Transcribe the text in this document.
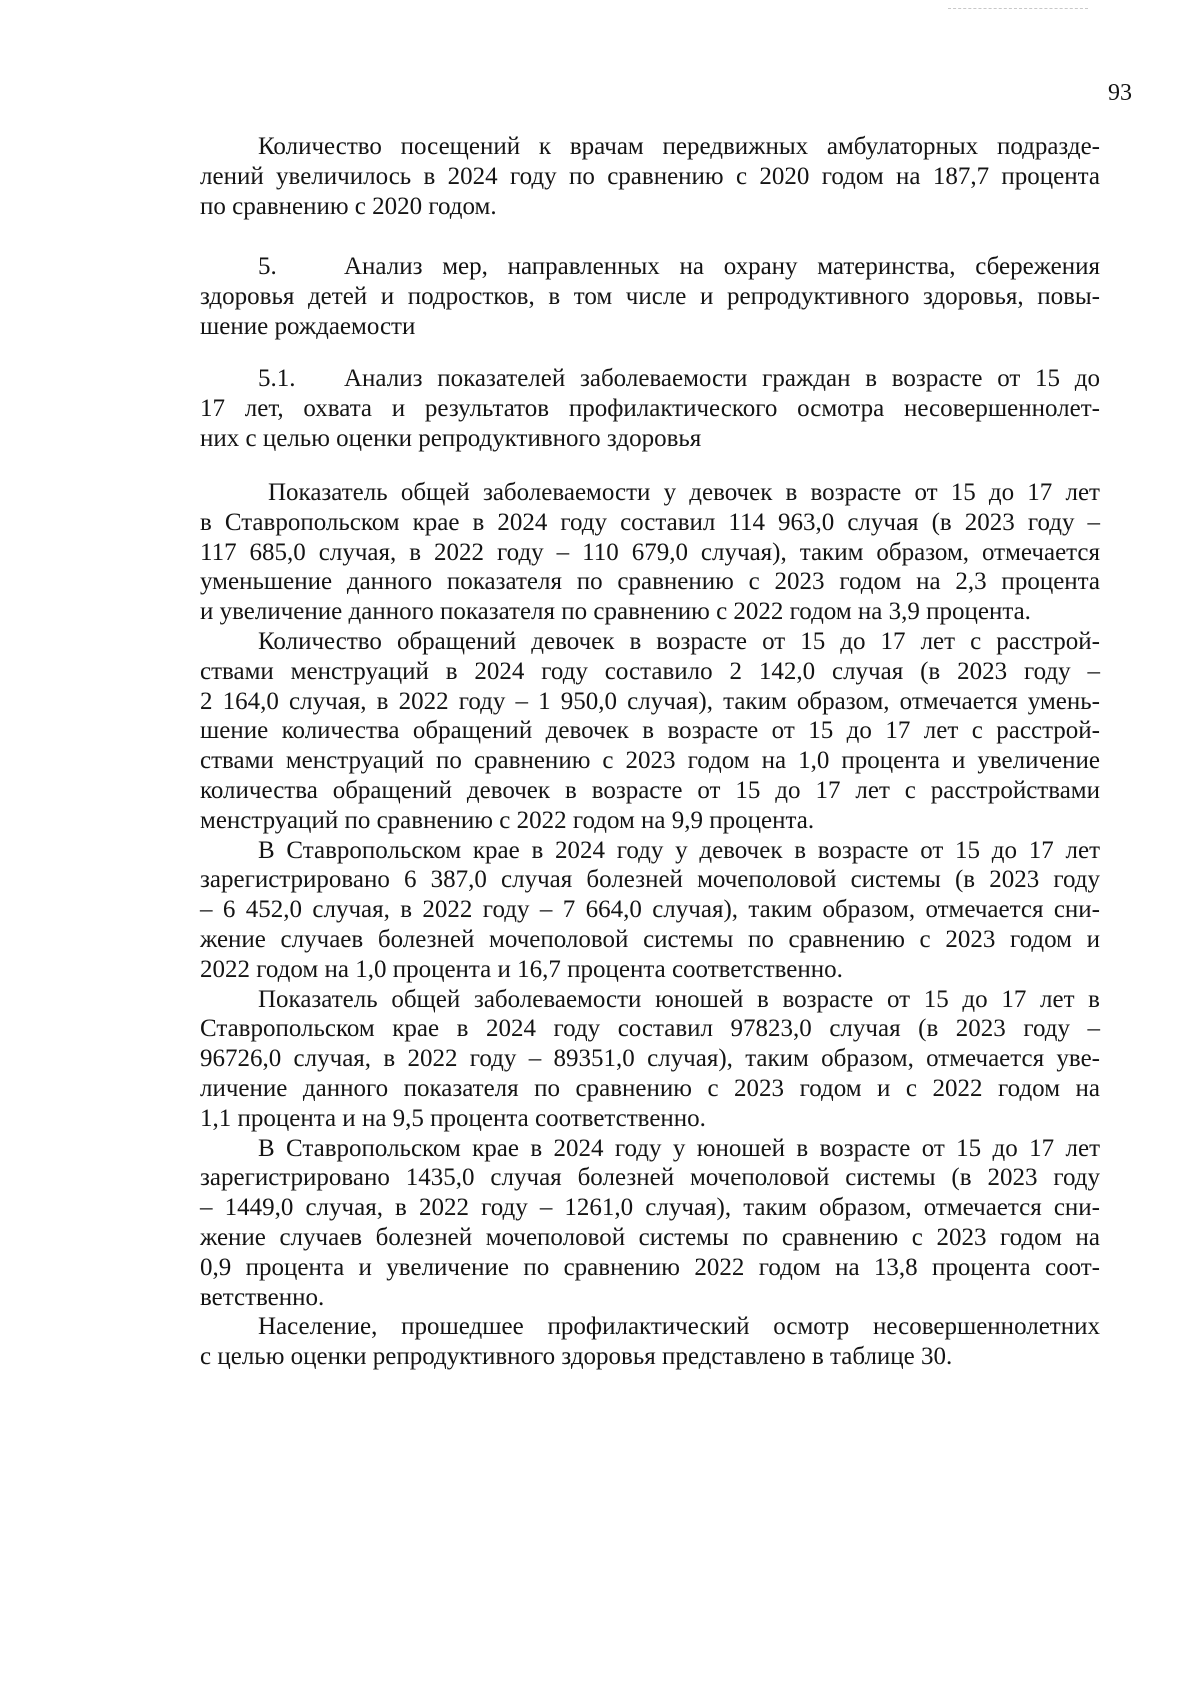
93
Количество посещений к врачам передвижных амбулаторных подразде-
лений увеличилось в 2024 году по сравнению с 2020 годом на 187,7 процента
по сравнению с 2020 годом.
5.	Анализ мер, направленных на охрану материнства, сбережения
здоровья детей и подростков, в том числе и репродуктивного здоровья, повы-
шение рождаемости
5.1.	Анализ показателей заболеваемости граждан в возрасте от 15 до
17 лет, охвата и результатов профилактического осмотра несовершеннолет-
них с целью оценки репродуктивного здоровья
Показатель общей заболеваемости у девочек в возрасте от 15 до 17 лет
в Ставропольском крае в 2024 году составил 114 963,0 случая (в 2023 году –
117 685,0 случая, в 2022 году – 110 679,0 случая), таким образом, отмечается
уменьшение данного показателя по сравнению с 2023 годом на 2,3 процента
и увеличение данного показателя по сравнению с 2022 годом на 3,9 процента.
Количество обращений девочек в возрасте от 15 до 17 лет с расстрой-
ствами менструаций в 2024 году составило 2 142,0 случая (в 2023 году –
2 164,0 случая, в 2022 году – 1 950,0 случая), таким образом, отмечается умень-
шение количества обращений девочек в возрасте от 15 до 17 лет с расстрой-
ствами менструаций по сравнению с 2023 годом на 1,0 процента и увеличение
количества обращений девочек в возрасте от 15 до 17 лет с расстройствами
менструаций по сравнению с 2022 годом на 9,9 процента.
В Ставропольском крае в 2024 году у девочек в возрасте от 15 до 17 лет
зарегистрировано 6 387,0 случая болезней мочеполовой системы (в 2023 году
– 6 452,0 случая, в 2022 году – 7 664,0 случая), таким образом, отмечается сни-
жение случаев болезней мочеполовой системы по сравнению с 2023 годом и
2022 годом на 1,0 процента и 16,7 процента соответственно.
Показатель общей заболеваемости юношей в возрасте от 15 до 17 лет в
Ставропольском крае в 2024 году составил 97823,0 случая (в 2023 году –
96726,0 случая, в 2022 году – 89351,0 случая), таким образом, отмечается уве-
личение данного показателя по сравнению с 2023 годом и с 2022 годом на
1,1 процента и на 9,5 процента соответственно.
В Ставропольском крае в 2024 году у юношей в возрасте от 15 до 17 лет
зарегистрировано 1435,0 случая болезней мочеполовой системы (в 2023 году
– 1449,0 случая, в 2022 году – 1261,0 случая), таким образом, отмечается сни-
жение случаев болезней мочеполовой системы по сравнению с 2023 годом на
0,9 процента и увеличение по сравнению 2022 годом на 13,8 процента соот-
ветственно.
Население, прошедшее профилактический осмотр несовершеннолетних
с целью оценки репродуктивного здоровья представлено в таблице 30.
